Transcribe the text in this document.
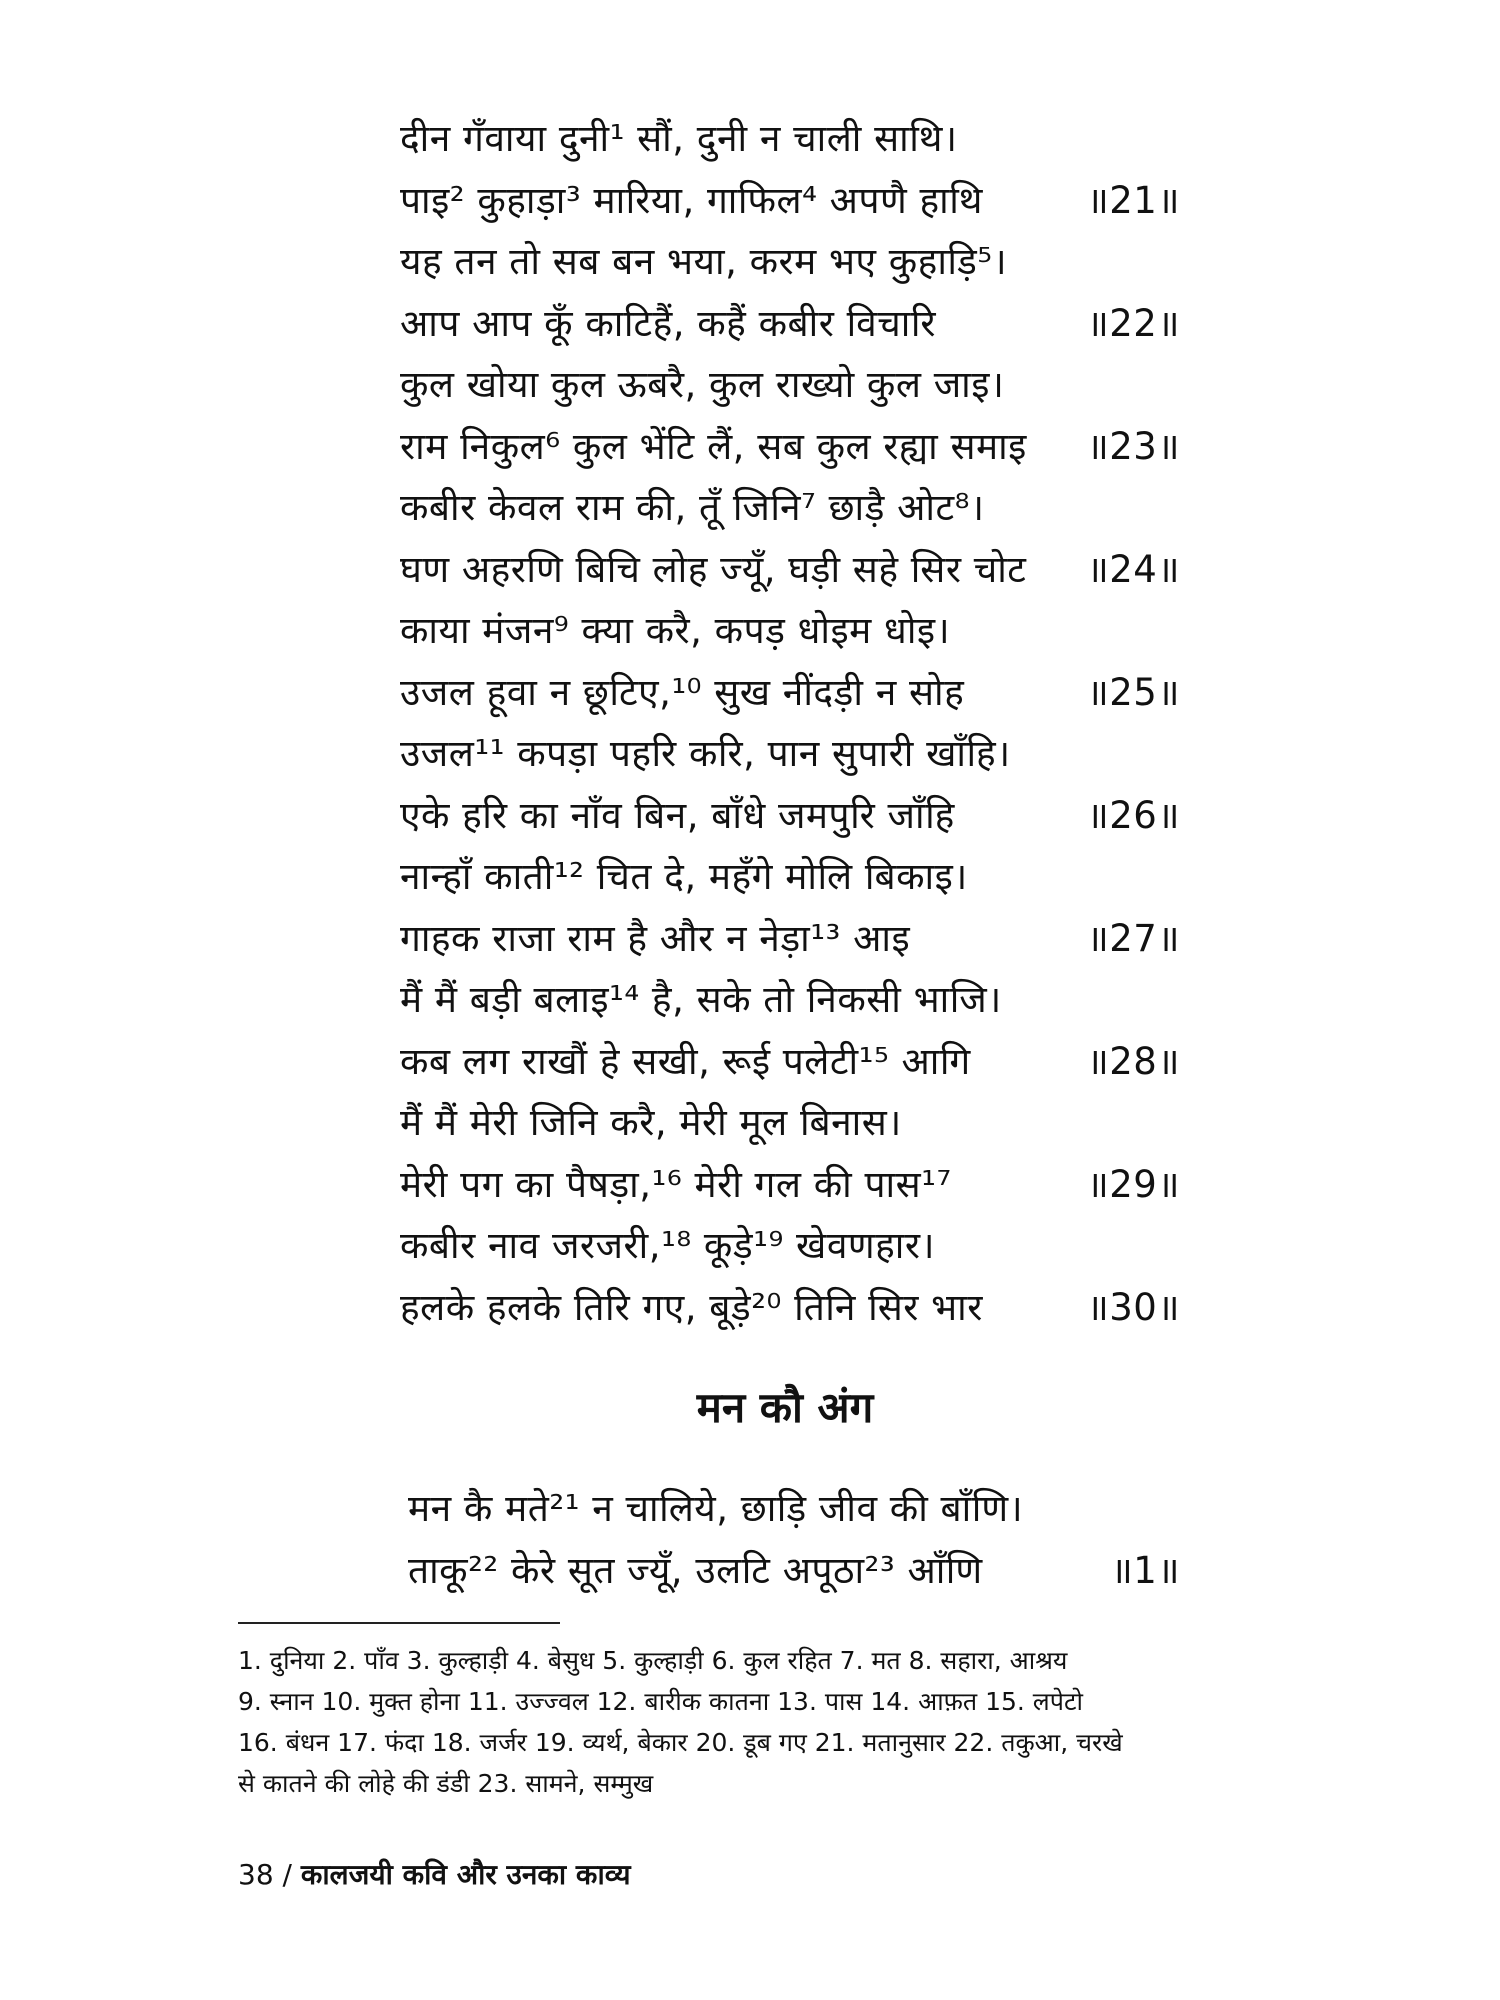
दीन गँवाया दुनी¹ सौं, दुनी न चाली साथि।
पाइ² कुहाड़ा³ मारिया, गाफिल⁴ अपणै हाथि	॥21॥
यह तन तो सब बन भया, करम भए कुहाड़ि⁵।
आप आप कूँ काटिहैं, कहैं कबीर विचारि	॥22॥
कुल खोया कुल ऊबरै, कुल राख्यो कुल जाइ।
राम निकुल⁶ कुल भेंटि लैं, सब कुल रह्या समाइ ॥23॥
कबीर केवल राम की, तूँ जिनि⁷ छाड़ै ओट⁸।
घण अहरणि बिचि लोह ज्यूँ, घड़ी सहे सिर चोट ॥24॥
काया मंजन⁹ क्या करै, कपड़ धोइम धोइ।
उजल हूवा न छूटिए,¹⁰ सुख नींदड़ी न सोह	॥25॥
उजल¹¹ कपड़ा पहरि करि, पान सुपारी खाँहि।
एके हरि का नाँव बिन, बाँधे जमपुरि जाँहि	॥26॥
नान्हाँ काती¹² चित दे, महँगे मोलि बिकाइ।
गाहक राजा राम है और न नेड़ा¹³ आइ	॥27॥
मैं मैं बड़ी बलाइ¹⁴ है, सके तो निकसी भाजि।
कब लग राखौं हे सखी, रूई पलेटी¹⁵ आगि	॥28॥
मैं मैं मेरी जिनि करै, मेरी मूल बिनास।
मेरी पग का पैषड़ा,¹⁶ मेरी गल की पास¹⁷	॥29॥
कबीर नाव जरजरी,¹⁸ कूड़े¹⁹ खेवणहार।
हलके हलके तिरि गए, बूड़े²⁰ तिनि सिर भार	॥30॥
मन कौ अंग
मन कै मते²¹ न चालिये, छाड़ि जीव की बाँणि।
ताकू²² केरे सूत ज्यूँ, उलटि अपूठा²³ आँणि	॥1॥
1. दुनिया 2. पाँव 3. कुल्हाड़ी 4. बेसुध 5. कुल्हाड़ी 6. कुल रहित 7. मत 8. सहारा, आश्रय
9. स्नान 10. मुक्त होना 11. उज्ज्वल 12. बारीक कातना 13. पास 14. आफ़त 15. लपेटो
16. बंधन 17. फंदा 18. जर्जर 19. व्यर्थ, बेकार 20. डूब गए 21. मतानुसार 22. तकुआ, चरखे
से कातने की लोहे की डंडी 23. सामने, सम्मुख
38 / कालजयी कवि और उनका काव्य
